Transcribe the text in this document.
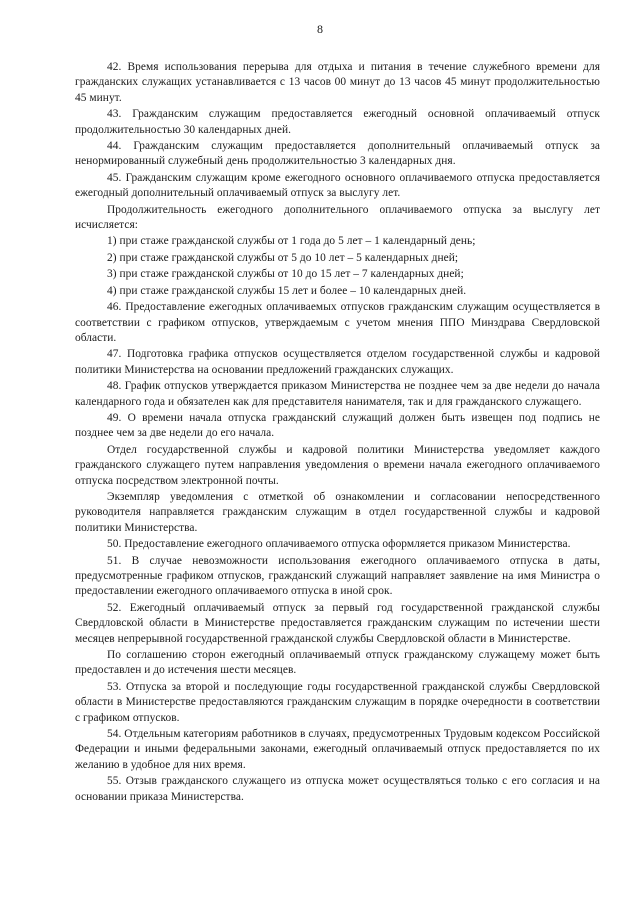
8

42. Время использования перерыва для отдыха и питания в течение служебного времени для гражданских служащих устанавливается с 13 часов 00 минут до 13 часов 45 минут продолжительностью 45 минут.

43. Гражданским служащим предоставляется ежегодный основной оплачиваемый отпуск продолжительностью 30 календарных дней.

44. Гражданским служащим предоставляется дополнительный оплачиваемый отпуск за ненормированный служебный день продолжительностью 3 календарных дня.

45. Гражданским служащим кроме ежегодного основного оплачиваемого отпуска предоставляется ежегодный дополнительный оплачиваемый отпуск за выслугу лет.

Продолжительность ежегодного дополнительного оплачиваемого отпуска за выслугу лет исчисляется:

1) при стаже гражданской службы от 1 года до 5 лет – 1 календарный день;

2) при стаже гражданской службы от 5 до 10 лет – 5 календарных дней;

3) при стаже гражданской службы от 10 до 15 лет – 7 календарных дней;

4) при стаже гражданской службы 15 лет и более – 10 календарных дней.

46. Предоставление ежегодных оплачиваемых отпусков гражданским служащим осуществляется в соответствии с графиком отпусков, утверждаемым с учетом мнения ППО Минздрава Свердловской области.

47. Подготовка графика отпусков осуществляется отделом государственной службы и кадровой политики Министерства на основании предложений гражданских служащих.

48. График отпусков утверждается приказом Министерства не позднее чем за две недели до начала календарного года и обязателен как для представителя нанимателя, так и для гражданского служащего.

49. О времени начала отпуска гражданский служащий должен быть извещен под подпись не позднее чем за две недели до его начала.

Отдел государственной службы и кадровой политики Министерства уведомляет каждого гражданского служащего путем направления уведомления о времени начала ежегодного оплачиваемого отпуска посредством электронной почты.

Экземпляр уведомления с отметкой об ознакомлении и согласовании непосредственного руководителя направляется гражданским служащим в отдел государственной службы и кадровой политики Министерства.

50. Предоставление ежегодного оплачиваемого отпуска оформляется приказом Министерства.

51. В случае невозможности использования ежегодного оплачиваемого отпуска в даты, предусмотренные графиком отпусков, гражданский служащий направляет заявление на имя Министра о предоставлении ежегодного оплачиваемого отпуска в иной срок.

52. Ежегодный оплачиваемый отпуск за первый год государственной гражданской службы Свердловской области в Министерстве предоставляется гражданским служащим по истечении шести месяцев непрерывной государственной гражданской службы Свердловской области в Министерстве.

По соглашению сторон ежегодный оплачиваемый отпуск гражданскому служащему может быть предоставлен и до истечения шести месяцев.

53. Отпуска за второй и последующие годы государственной гражданской службы Свердловской области в Министерстве предоставляются гражданским служащим в порядке очередности в соответствии с графиком отпусков.

54. Отдельным категориям работников в случаях, предусмотренных Трудовым кодексом Российской Федерации и иными федеральными законами, ежегодный оплачиваемый отпуск предоставляется по их желанию в удобное для них время.

55. Отзыв гражданского служащего из отпуска может осуществляться только с его согласия и на основании приказа Министерства.
